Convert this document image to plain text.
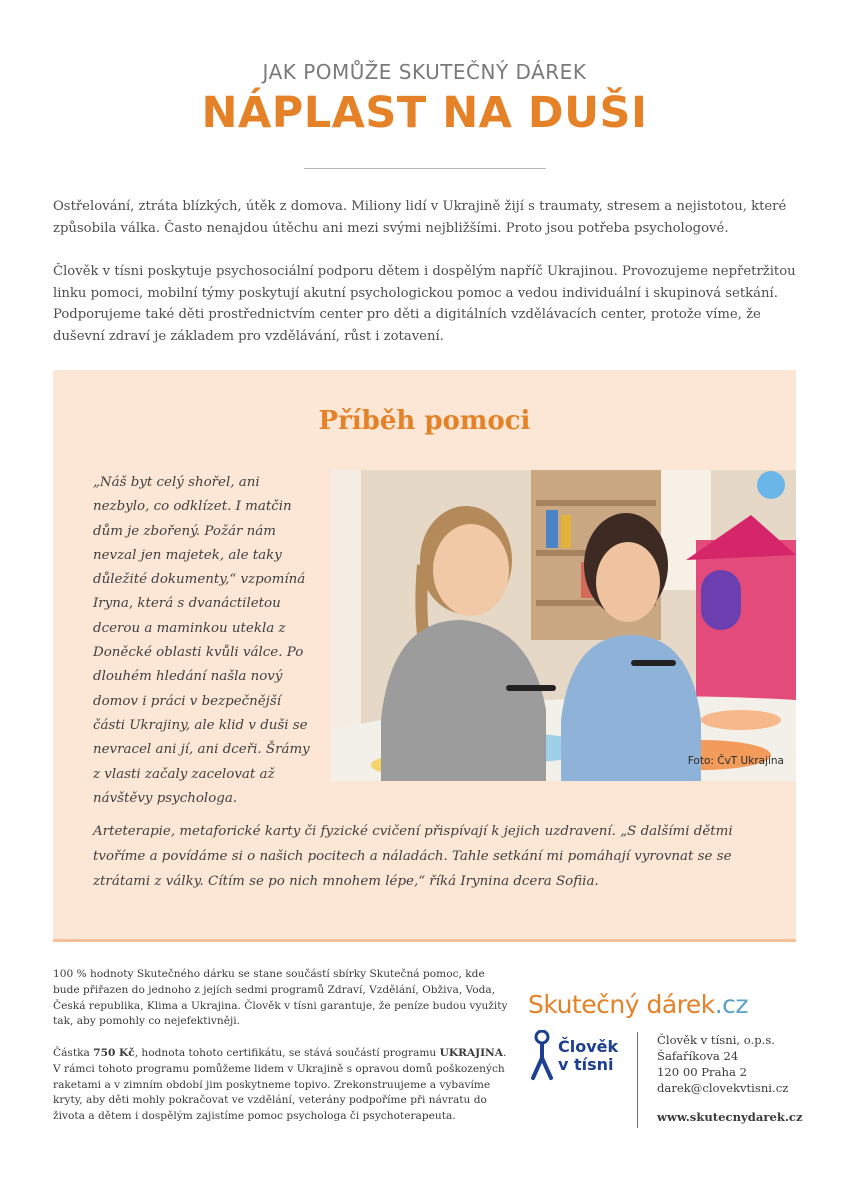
JAK POMŮŽE SKUTEČNÝ DÁREK
NÁPLAST NA DUŠI

Ostřelování, ztráta blízkých, útěk z domova. Miliony lidí v Ukrajině žijí s traumaty, stresem a nejistotou, které způsobila válka. Často nenajdou útěchu ani mezi svými nejbližšími. Proto jsou potřeba psychologové.

Člověk v tísni poskytuje psychosociální podporu dětem i dospělým napříč Ukrajinou. Provozujeme nepřetržitou linku pomoci, mobilní týmy poskytují akutní psychologickou pomoc a vedou individuální i skupinová setkání. Podporujeme také děti prostřednictvím center pro děti a digitálních vzdělávacích center, protože víme, že duševní zdraví je základem pro vzdělávání, růst i zotavení.

Příběh pomoci

„Náš byt celý shořel, ani nezbylo, co odklízet. I matčin dům je zbořený. Požár nám nevzal jen majetek, ale taky důležité dokumenty,“ vzpomíná Iryna, která s dvanáctiletou dcerou a maminkou utekla z Doněcké oblasti kvůli válce. Po dlouhém hledání našla nový domov i práci v bezpečnější části Ukrajiny, ale klid v duši se nevracel ani jí, ani dceři. Šrámy z vlasti začaly zacelovat až návštěvy psychologa.

Foto: ČvT Ukrajina

Arteterapie, metaforické karty či fyzické cvičení přispívají k jejich uzdravení. „S dalšími dětmi tvoříme a povídáme si o našich pocitech a náladách. Tahle setkání mi pomáhají vyrovnat se se ztrátami z války. Cítím se po nich mnohem lépe,“ říká Irynina dcera Sofiia.

100 % hodnoty Skutečného dárku se stane součástí sbírky Skutečná pomoc, kde bude přiřazen do jednoho z jejích sedmi programů Zdraví, Vzdělání, Obživa, Voda, Česká republika, Klima a Ukrajina. Člověk v tísni garantuje, že peníze budou využity tak, aby pomohly co nejefektivněji.

Částka 750 Kč, hodnota tohoto certifikátu, se stává součástí programu UKRAJINA. V rámci tohoto programu pomůžeme lidem v Ukrajině s opravou domů poškozených raketami a v zimním období jim poskytneme topivo. Zrekonstruujeme a vybavíme kryty, aby děti mohly pokračovat ve vzdělání, veterány podpoříme při návratu do života a dětem i dospělým zajistíme pomoc psychologa či psychoterapeuta.

Skutečný dárek.cz
Člověk
v tísni
Člověk v tísni, o.p.s.
Šafaříkova 24
120 00 Praha 2
darek@clovekvtisni.cz
www.skutecnydarek.cz
